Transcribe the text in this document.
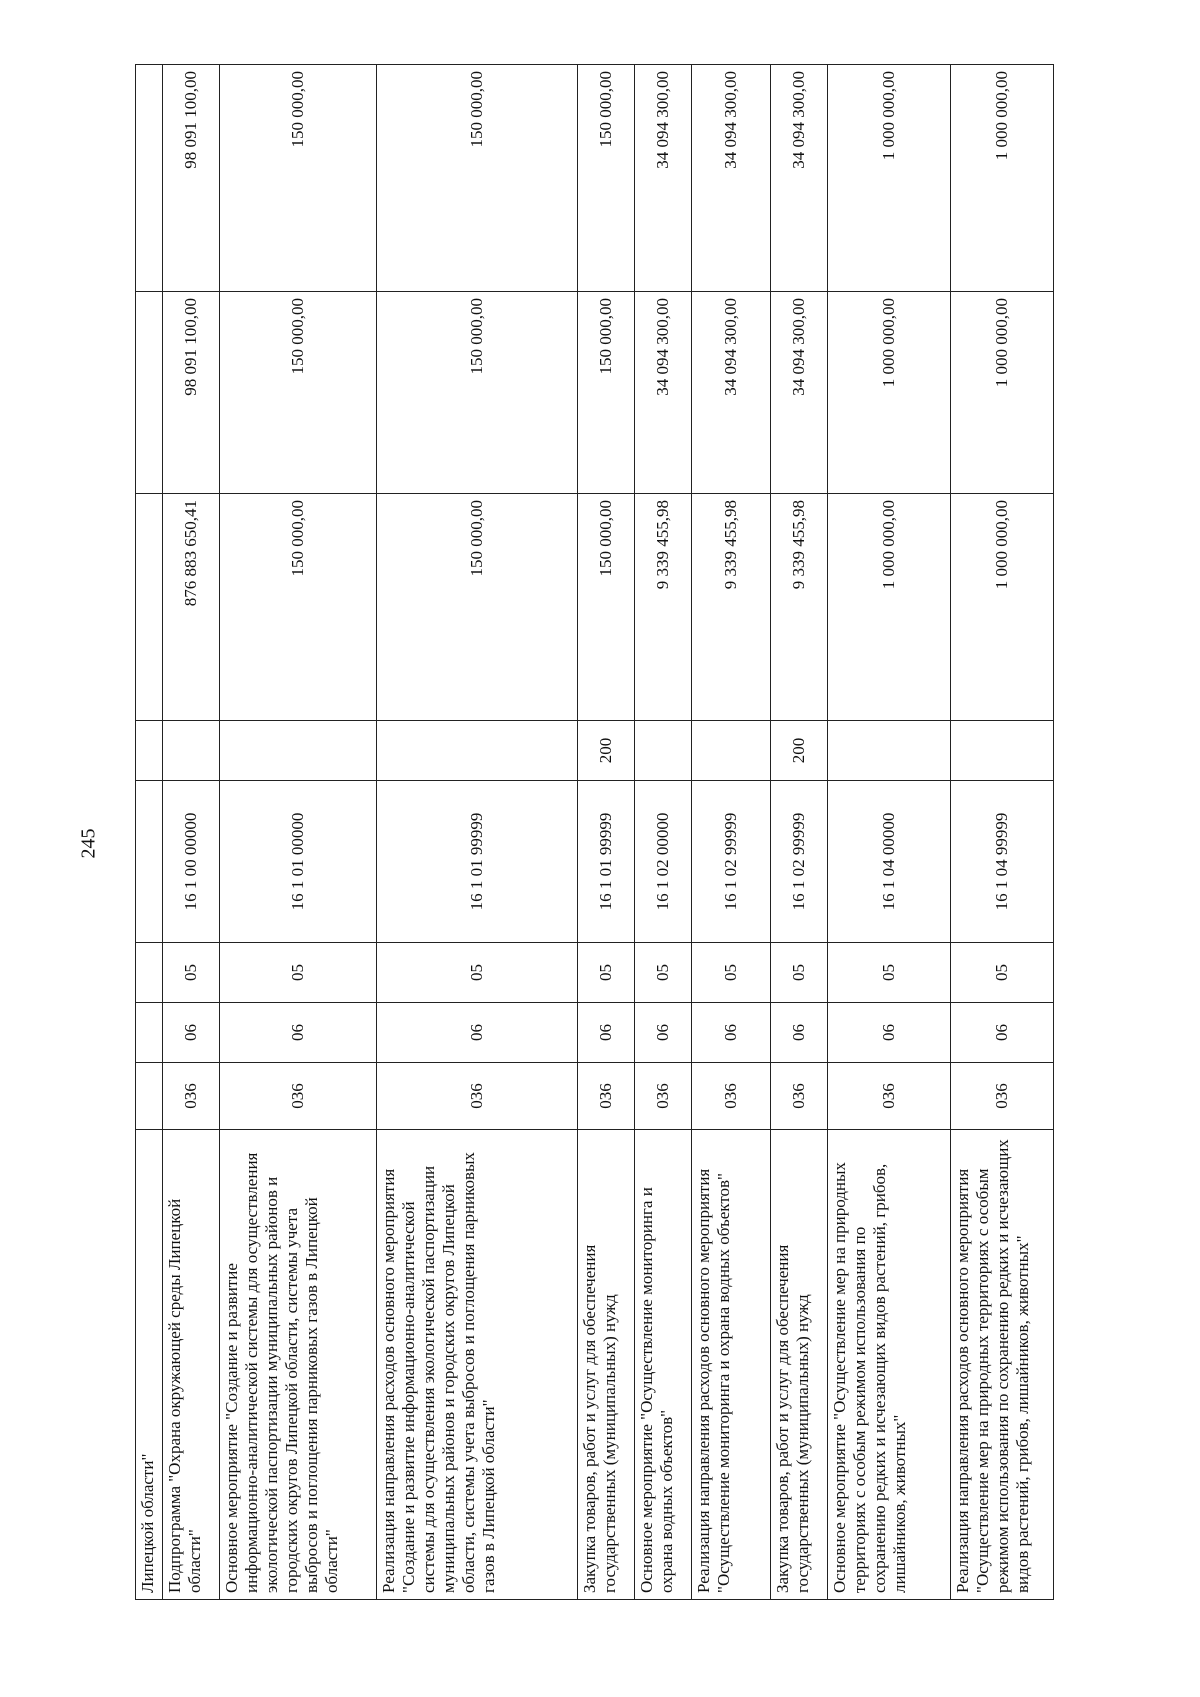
245
Липецкой области"								
Подпрограмма "Охрана окружающей среды Липецкой области"	036	06	05	16 1 00 00000		876 883 650,41	98 091 100,00	98 091 100,00
Основное мероприятие "Создание и развитие информационно-аналитической системы для осуществления экологической паспортизации муниципальных районов и городских округов Липецкой области, системы учета выбросов и поглощения парниковых газов в Липецкой области"	036	06	05	16 1 01 00000		150 000,00	150 000,00	150 000,00
Реализация направления расходов основного мероприятия "Создание и развитие информационно-аналитической системы для осуществления экологической паспортизации муниципальных районов и городских округов Липецкой области, системы учета выбросов и поглощения парниковых газов в Липецкой области"	036	06	05	16 1 01 99999		150 000,00	150 000,00	150 000,00
Закупка товаров, работ и услуг для обеспечения государственных (муниципальных) нужд	036	06	05	16 1 01 99999	200	150 000,00	150 000,00	150 000,00
Основное мероприятие "Осуществление мониторинга и охрана водных объектов"	036	06	05	16 1 02 00000		9 339 455,98	34 094 300,00	34 094 300,00
Реализация направления расходов основного мероприятия "Осуществление мониторинга и охрана водных объектов"	036	06	05	16 1 02 99999		9 339 455,98	34 094 300,00	34 094 300,00
Закупка товаров, работ и услуг для обеспечения государственных (муниципальных) нужд	036	06	05	16 1 02 99999	200	9 339 455,98	34 094 300,00	34 094 300,00
Основное мероприятие "Осуществление мер на природных территориях с особым режимом использования по сохранению редких и исчезающих видов растений, грибов, лишайников, животных"	036	06	05	16 1 04 00000		1 000 000,00	1 000 000,00	1 000 000,00
Реализация направления расходов основного мероприятия "Осуществление мер на природных территориях с особым режимом использования по сохранению редких и исчезающих видов растений, грибов, лишайников, животных"	036	06	05	16 1 04 99999		1 000 000,00	1 000 000,00	1 000 000,00
